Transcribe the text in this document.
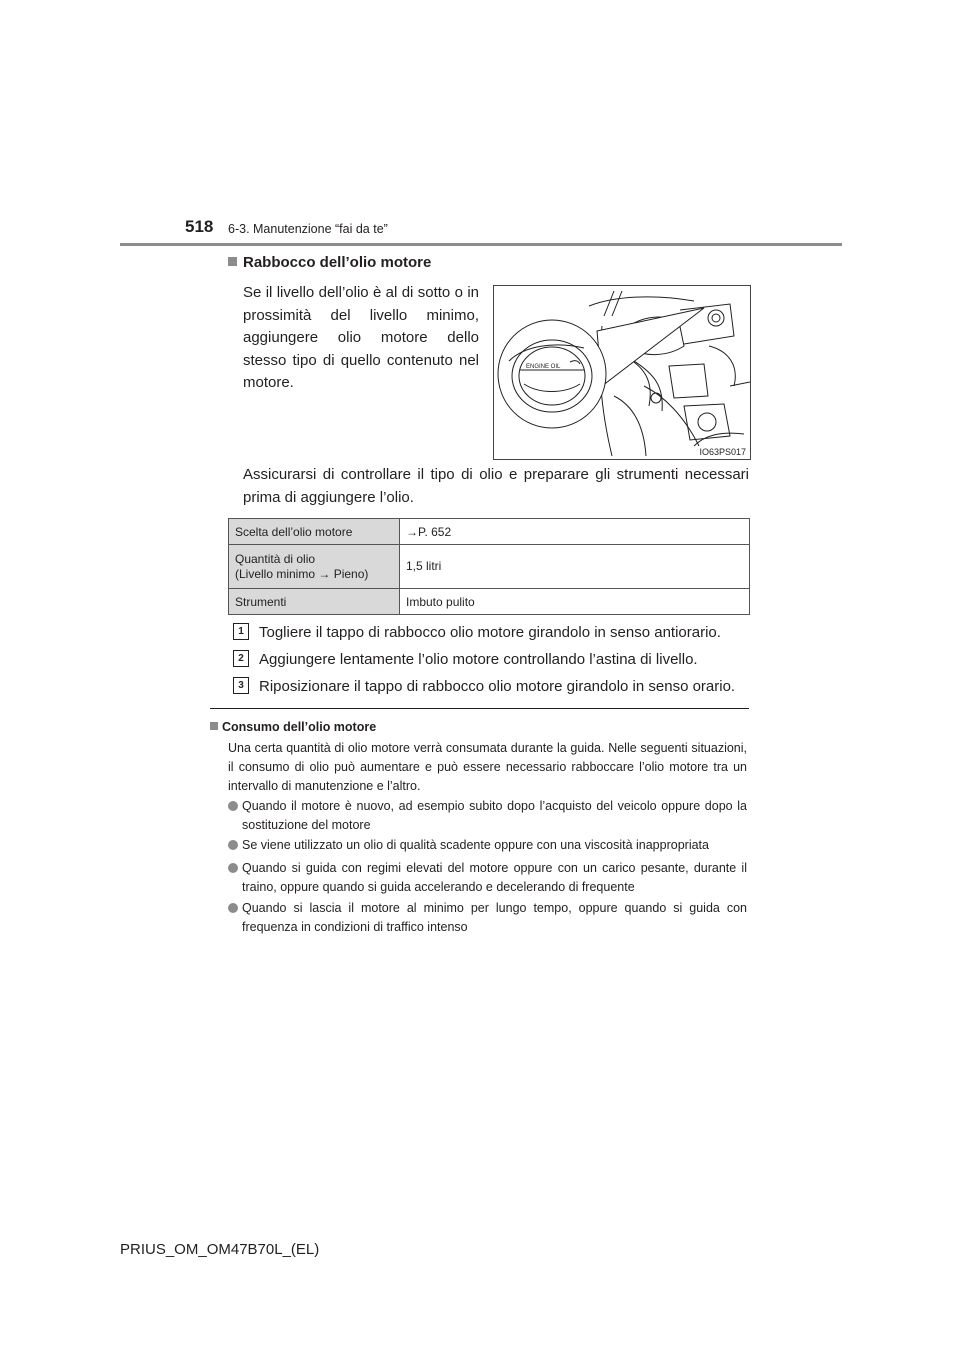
518 6-3. Manutenzione “fai da te”
Rabbocco dell’olio motore
Se il livello dell’olio è al di sotto o in prossimità del livello minimo, aggiungere olio motore dello stesso tipo di quello contenuto nel motore.
ENGINE OIL
IO63PS017
Assicurarsi di controllare il tipo di olio e preparare gli strumenti necessari prima di aggiungere l’olio.
Scelta dell’olio motore	→P. 652
Quantità di olio
(Livello minimo → Pieno)	1,5 litri
Strumenti	Imbuto pulito
1	Togliere il tappo di rabbocco olio motore girandolo in senso antiorario.
2	Aggiungere lentamente l’olio motore controllando l’astina di livello.
3	Riposizionare il tappo di rabbocco olio motore girandolo in senso orario.
Consumo dell’olio motore
Una certa quantità di olio motore verrà consumata durante la guida. Nelle seguenti situazioni, il consumo di olio può aumentare e può essere necessario rabboccare l’olio motore tra un intervallo di manutenzione e l’altro.
Quando il motore è nuovo, ad esempio subito dopo l’acquisto del veicolo oppure dopo la sostituzione del motore
Se viene utilizzato un olio di qualità scadente oppure con una viscosità inappropriata
Quando si guida con regimi elevati del motore oppure con un carico pesante, durante il traino, oppure quando si guida accelerando e decelerando di frequente
Quando si lascia il motore al minimo per lungo tempo, oppure quando si guida con frequenza in condizioni di traffico intenso
PRIUS_OM_OM47B70L_(EL)
